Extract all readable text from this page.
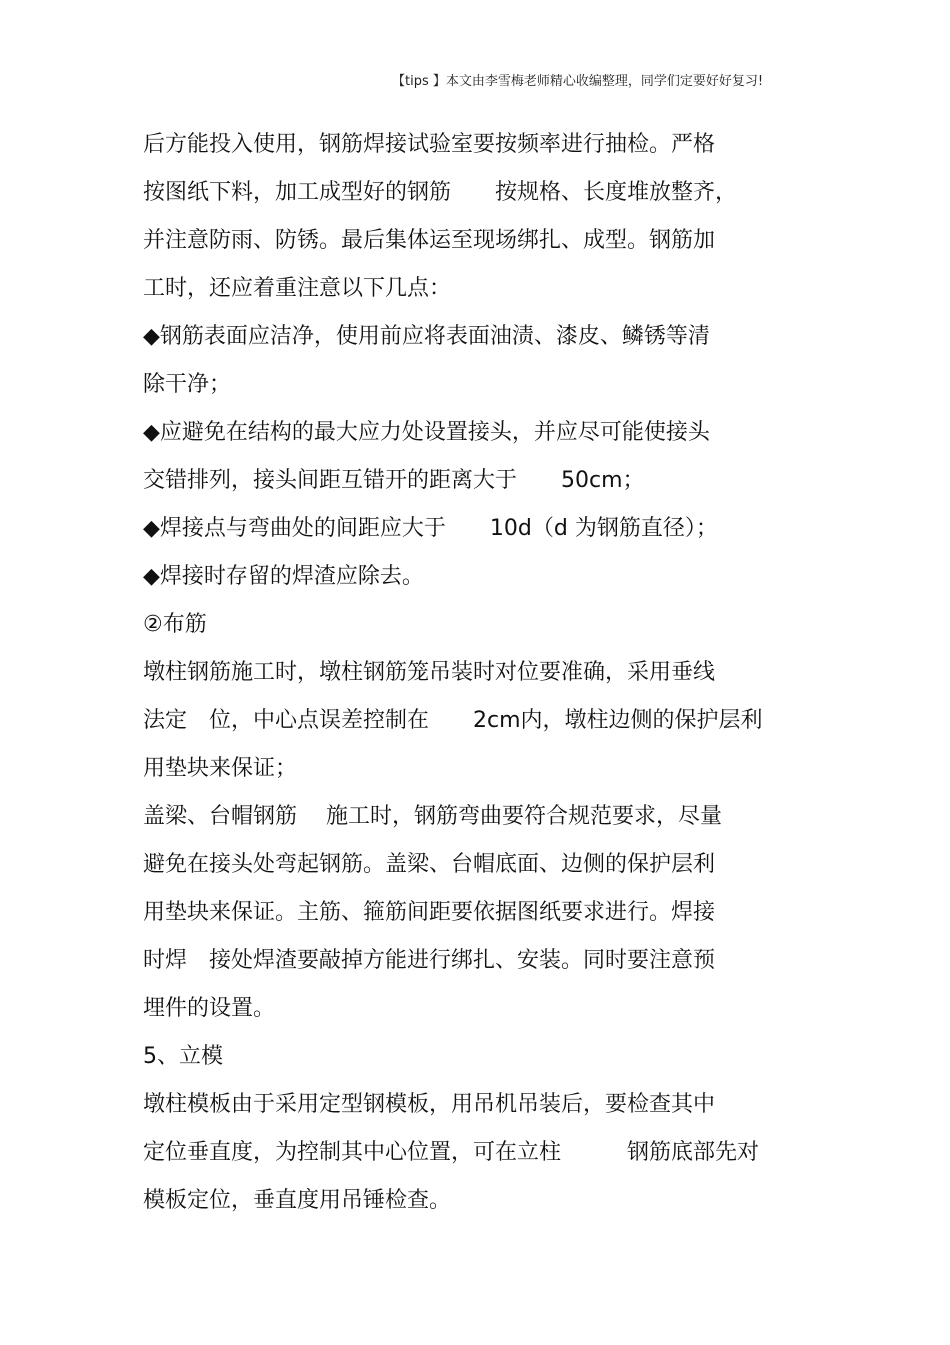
【tips 】本文由李雪梅老师精心收编整理，同学们定要好好复习!
后方能投入使用，钢筋焊接试验室要按频率进行抽检。严格
按图纸下料，加工成型好的钢筋　　按规格、长度堆放整齐，
并注意防雨、防锈。最后集体运至现场绑扎、成型。钢筋加
工时，还应着重注意以下几点：
◆钢筋表面应洁净，使用前应将表面油渍、漆皮、鳞锈等清
除干净；
◆应避免在结构的最大应力处设置接头，并应尽可能使接头
交错排列，接头间距互错开的距离大于　　50cm；
◆焊接点与弯曲处的间距应大于　　10d（d 为钢筋直径）；
◆焊接时存留的焊渣应除去。
②布筋
墩柱钢筋施工时，墩柱钢筋笼吊装时对位要准确，采用垂线
法定　位，中心点误差控制在　　2cm内，墩柱边侧的保护层利
用垫块来保证；
盖梁、台帽钢筋　 施工时，钢筋弯曲要符合规范要求，尽量
避免在接头处弯起钢筋。盖梁、台帽底面、边侧的保护层利
用垫块来保证。主筋、箍筋间距要依据图纸要求进行。焊接
时焊　接处焊渣要敲掉方能进行绑扎、安装。同时要注意预
埋件的设置。
5、立模
墩柱模板由于采用定型钢模板，用吊机吊装后，要检查其中
定位垂直度，为控制其中心位置，可在立柱　　　钢筋底部先对
模板定位，垂直度用吊锤检查。
